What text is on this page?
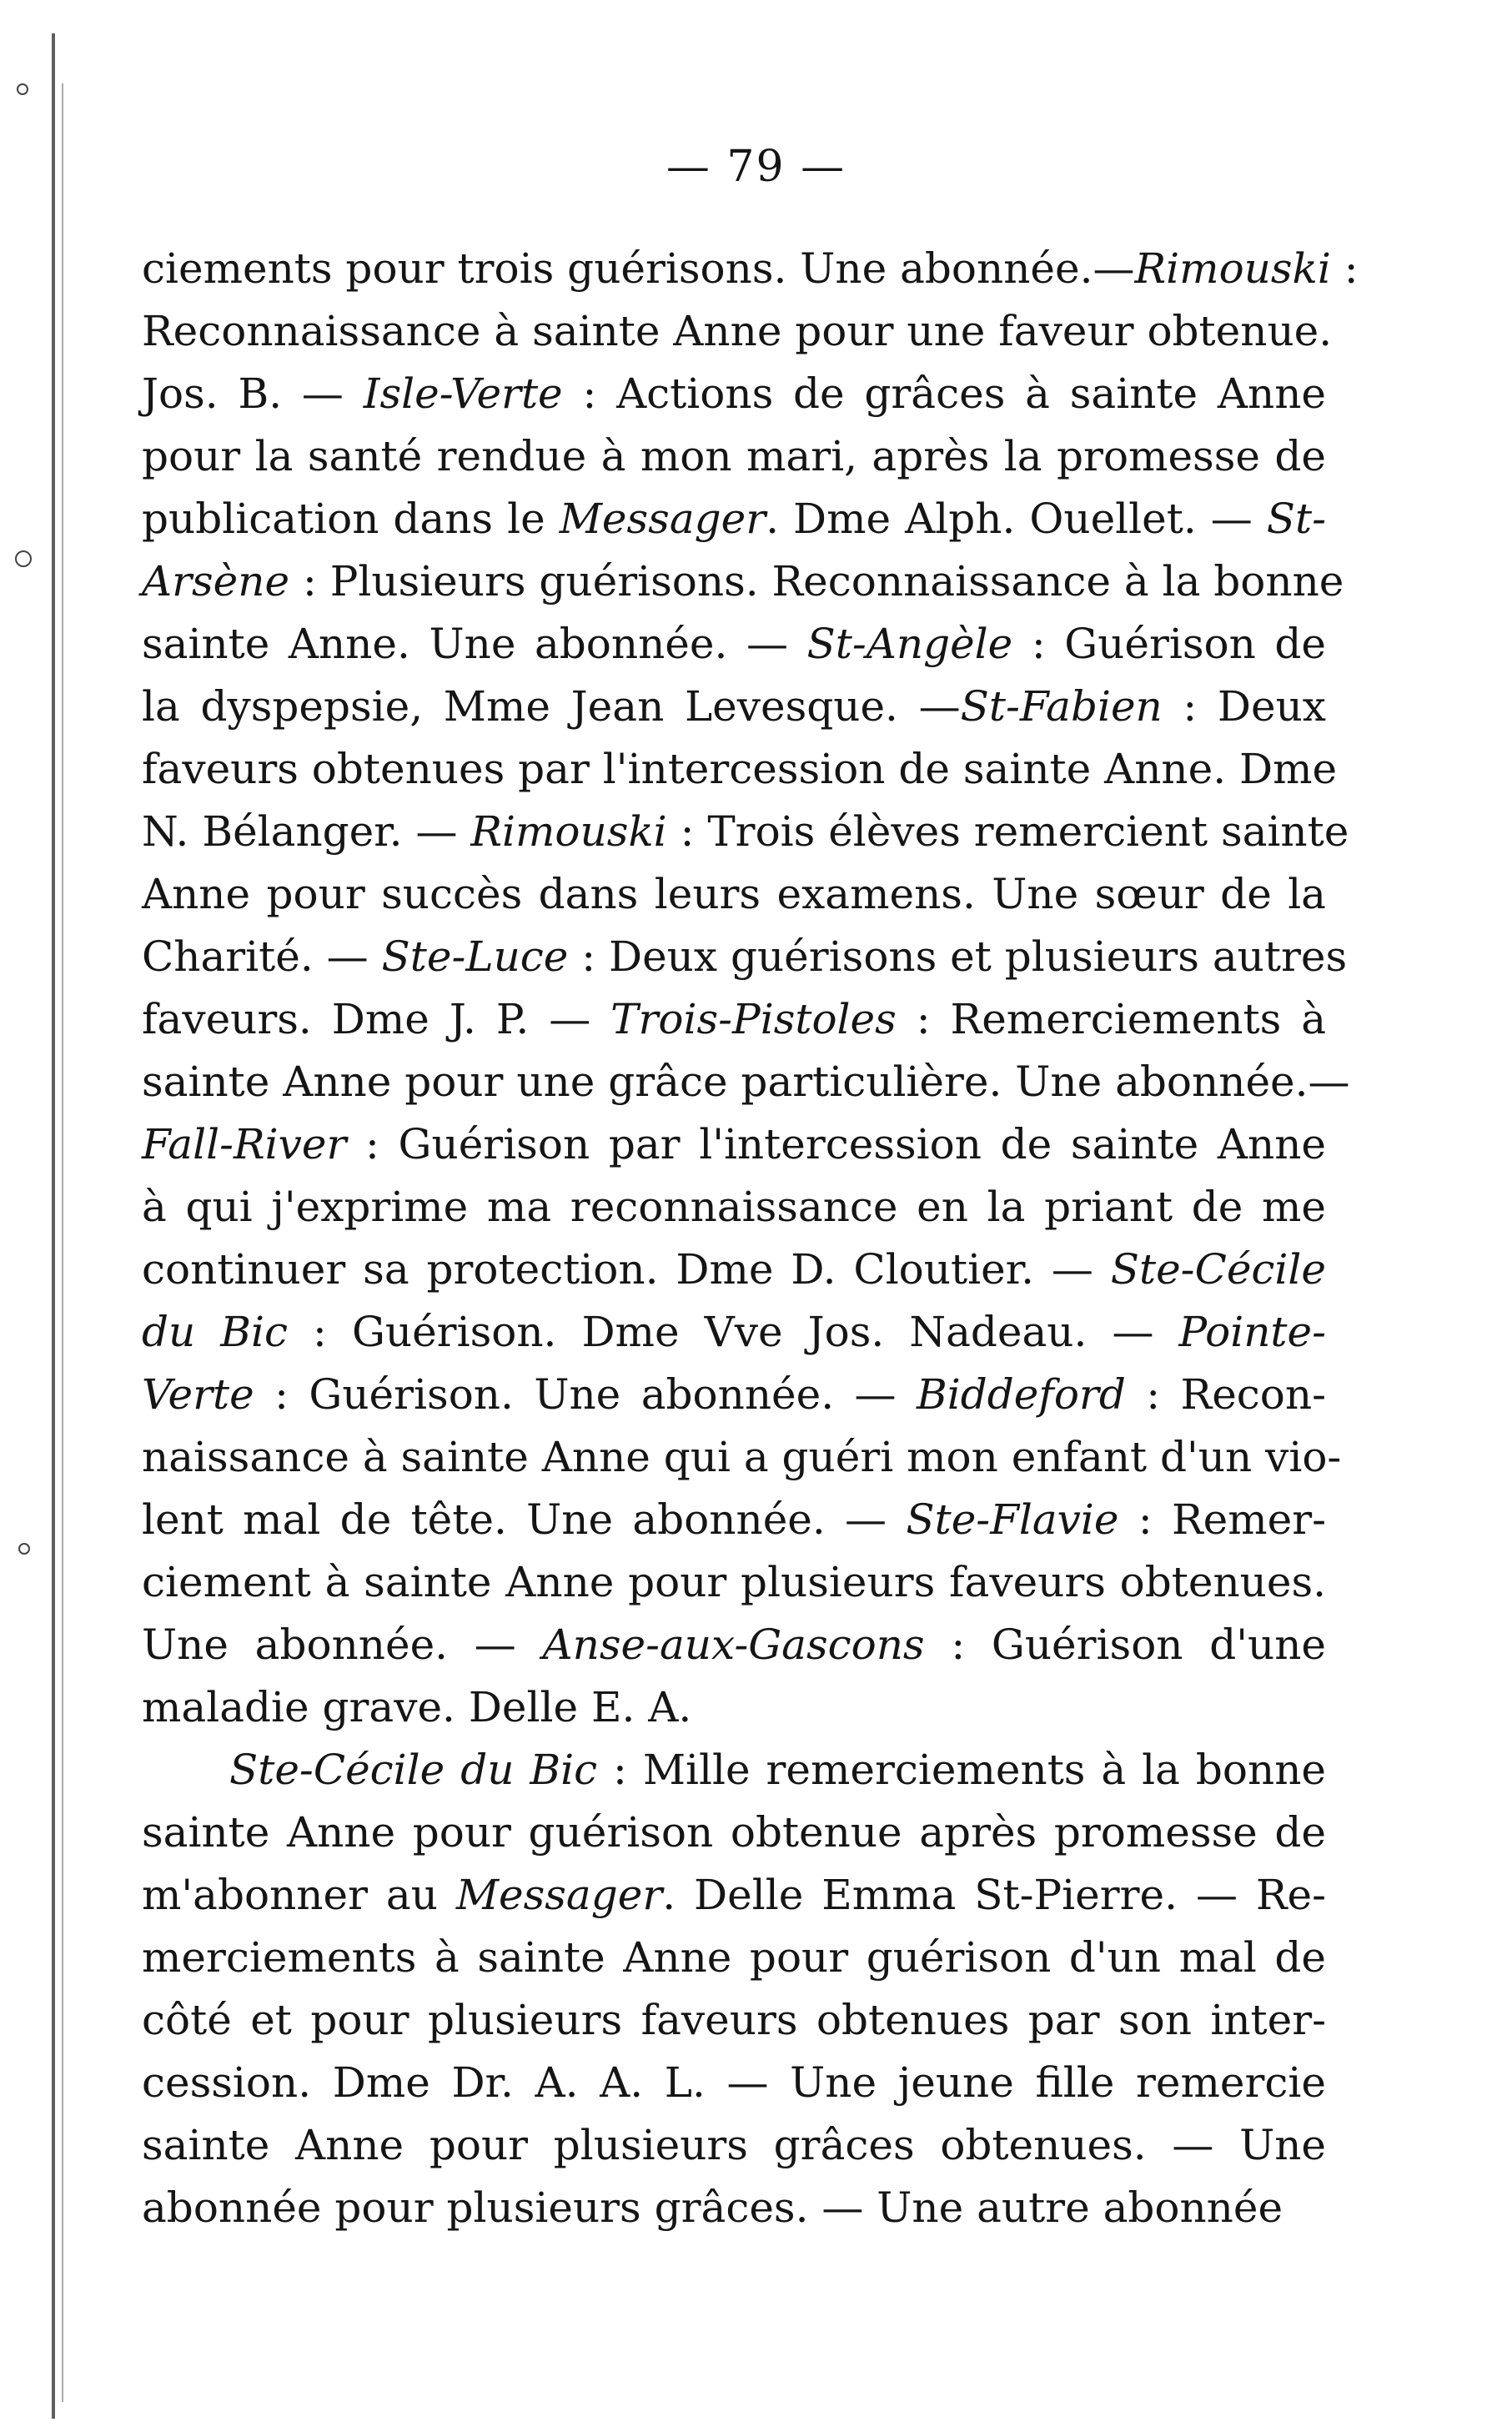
— 79 —
ciements pour trois guérisons. Une abonnée.—Rimouski :
Reconnaissance à sainte Anne pour une faveur obtenue.
Jos. B. — Isle-Verte : Actions de grâces à sainte Anne
pour la santé rendue à mon mari, après la promesse de
publication dans le Messager. Dme Alph. Ouellet. — St-
Arsène : Plusieurs guérisons. Reconnaissance à la bonne
sainte Anne. Une abonnée. — St-Angèle : Guérison de
la dyspepsie, Mme Jean Levesque. —St-Fabien : Deux
faveurs obtenues par l'intercession de sainte Anne. Dme
N. Bélanger. — Rimouski : Trois élèves remercient sainte
Anne pour succès dans leurs examens. Une sœur de la
Charité. — Ste-Luce : Deux guérisons et plusieurs autres
faveurs. Dme J. P. — Trois-Pistoles : Remerciements à
sainte Anne pour une grâce particulière. Une abonnée.—
Fall-River : Guérison par l'intercession de sainte Anne
à qui j'exprime ma reconnaissance en la priant de me
continuer sa protection. Dme D. Cloutier. — Ste-Cécile
du Bic : Guérison. Dme Vve Jos. Nadeau. — Pointe-
Verte : Guérison. Une abonnée. — Biddeford : Recon-
naissance à sainte Anne qui a guéri mon enfant d'un vio-
lent mal de tête. Une abonnée. — Ste-Flavie : Remer-
ciement à sainte Anne pour plusieurs faveurs obtenues.
Une abonnée. — Anse-aux-Gascons : Guérison d'une
maladie grave. Delle E. A.
Ste-Cécile du Bic : Mille remerciements à la bonne
sainte Anne pour guérison obtenue après promesse de
m'abonner au Messager. Delle Emma St-Pierre. — Re-
merciements à sainte Anne pour guérison d'un mal de
côté et pour plusieurs faveurs obtenues par son inter-
cession. Dme Dr. A. A. L. — Une jeune fille remercie
sainte Anne pour plusieurs grâces obtenues. — Une
abonnée pour plusieurs grâces. — Une autre abonnée
